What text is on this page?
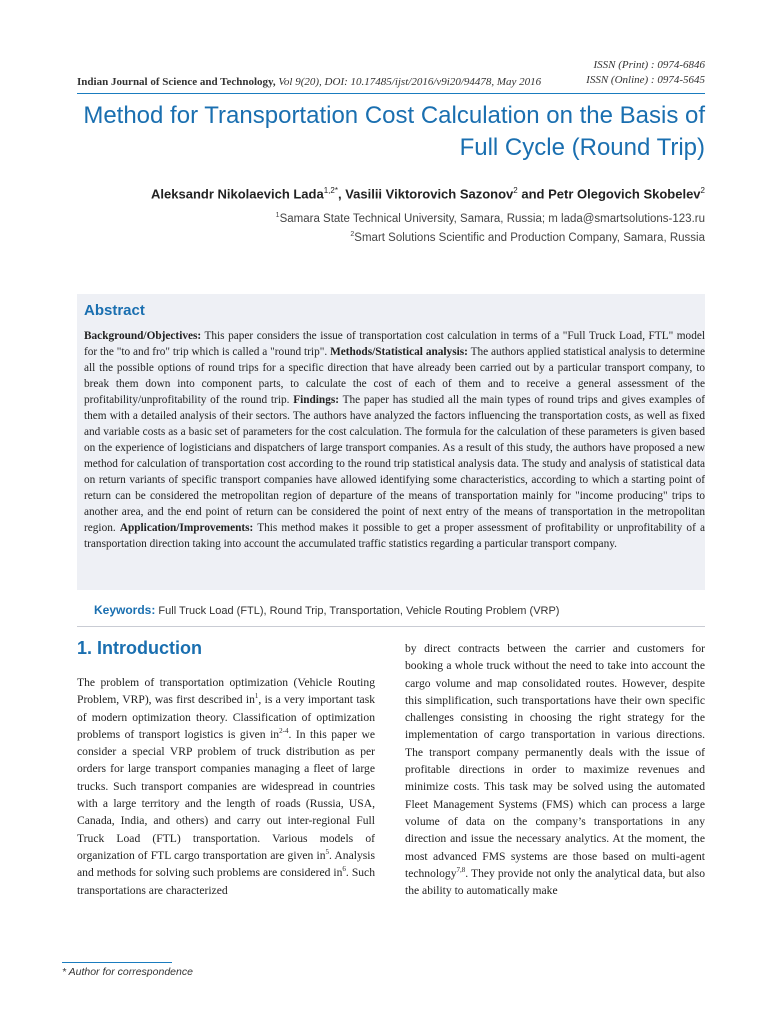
ISSN (Print) : 0974-6846
ISSN (Online) : 0974-5645
Indian Journal of Science and Technology, Vol 9(20), DOI: 10.17485/ijst/2016/v9i20/94478, May 2016
Method for Transportation Cost Calculation on the Basis of Full Cycle (Round Trip)
Aleksandr Nikolaevich Lada$^{1,2*}$, Vasilii Viktorovich Sazonov$^2$ and Petr Olegovich Skobelev$^2$
$^1$Samara State Technical University, Samara, Russia; m lada@smartsolutions-123.ru
$^2$Smart Solutions Scientific and Production Company, Samara, Russia
Abstract
Background/Objectives: This paper considers the issue of transportation cost calculation in terms of a "Full Truck Load, FTL" model for the "to and fro" trip which is called a "round trip". Methods/Statistical analysis: The authors applied statistical analysis to determine all the possible options of round trips for a specific direction that have already been carried out by a particular transport company, to break them down into component parts, to calculate the cost of each of them and to receive a general assessment of the profitability/unprofitability of the round trip. Findings: The paper has studied all the main types of round trips and gives examples of them with a detailed analysis of their sectors. The authors have analyzed the factors influencing the transportation costs, as well as fixed and variable costs as a basic set of parameters for the cost calculation. The formula for the calculation of these parameters is given based on the experience of logisticians and dispatchers of large transport companies. As a result of this study, the authors have proposed a new method for calculation of transportation cost according to the round trip statistical analysis data. The study and analysis of statistical data on return variants of specific transport companies have allowed identifying some characteristics, according to which a starting point of return can be considered the metropolitan region of departure of the means of transportation mainly for "income producing" trips to another area, and the end point of return can be considered the point of next entry of the means of transportation in the metropolitan region. Application/Improvements: This method makes it possible to get a proper assessment of profitability or unprofitability of a transportation direction taking into account the accumulated traffic statistics regarding a particular transport company.
Keywords: Full Truck Load (FTL), Round Trip, Transportation, Vehicle Routing Problem (VRP)
1. Introduction
The problem of transportation optimization (Vehicle Routing Problem, VRP), was first described $in^1$, is a very important task of modern optimization theory. Classification of optimization problems of transport logistics is given $in^{2-4}$. In this paper we consider a special VRP problem of truck distribution as per orders for large transport companies managing a fleet of large trucks. Such transport companies are widespread in countries with a large territory and the length of roads (Russia, USA, Canada, India, and others) and carry out inter-regional Full Truck Load (FTL) transportation. Various models of organization of FTL cargo transportation are given $in^5$. Analysis and methods for solving such problems are considered $in^6$. Such transportations are characterized
by direct contracts between the carrier and customers for booking a whole truck without the need to take into account the cargo volume and map consolidated routes. However, despite this simplification, such transportations have their own specific challenges consisting in choosing the right strategy for the implementation of cargo transportation in various directions. The transport company permanently deals with the issue of profitable directions in order to maximize revenues and minimize costs. This task may be solved using the automated Fleet Management Systems (FMS) which can process a large volume of data on the company’s transportations in any direction and issue the necessary analytics. At the moment, the most advanced FMS systems are those based on multi-agent technology$^{7,8}$. They provide not only the analytical data, but also the ability to automatically make
* Author for correspondence
